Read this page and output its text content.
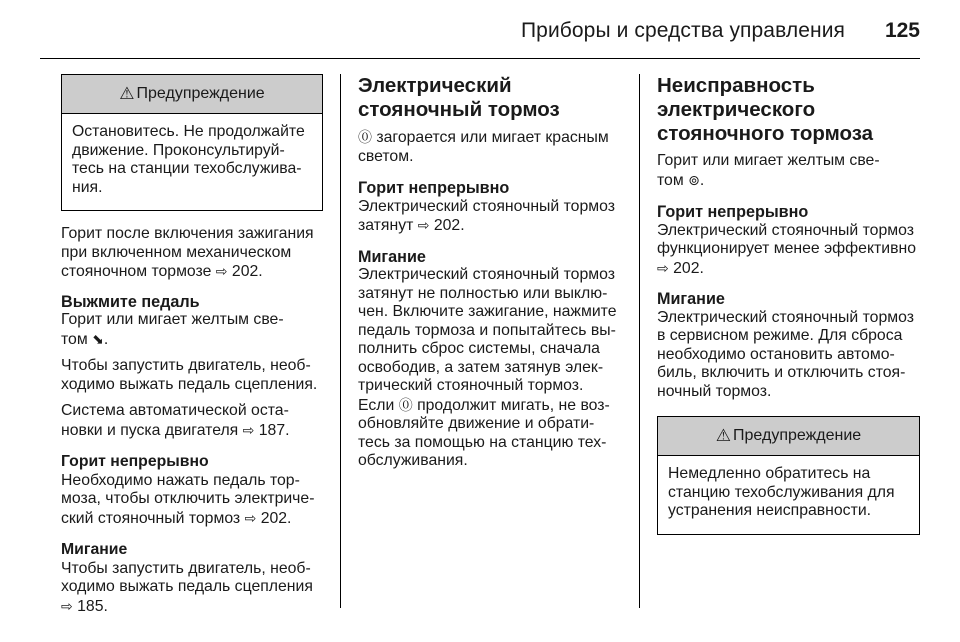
Приборы и средства управления 125
⚠ Предупреждение
Остановитесь. Не продолжайте
движение. Проконсультируй-
тесь на станции техобслужива-
ния.
Горит после включения зажигания
при включенном механическом
стояночном тормозе ⇨ 202.
Выжмите педаль
Горит или мигает желтым све-
том ⬊.
Чтобы запустить двигатель, необ-
ходимо выжать педаль сцепления.
Система автоматической оста-
новки и пуска двигателя ⇨ 187.
Горит непрерывно
Необходимо нажать педаль тор-
моза, чтобы отключить электриче-
ский стояночный тормоз ⇨ 202.
Мигание
Чтобы запустить двигатель, необ-
ходимо выжать педаль сцепления
⇨ 185.
Электрический
стояночный тормоз
⓪ загорается или мигает красным
светом.
Горит непрерывно
Электрический стояночный тормоз
затянут ⇨ 202.
Мигание
Электрический стояночный тормоз
затянут не полностью или выклю-
чен. Включите зажигание, нажмите
педаль тормоза и попытайтесь вы-
полнить сброс системы, сначала
освободив, а затем затянув элек-
трический стояночный тормоз.
Если ⓪ продолжит мигать, не воз-
обновляйте движение и обрати-
тесь за помощью на станцию тех-
обслуживания.
Неисправность
электрического
стояночного тормоза
Горит или мигает желтым све-
том ⊚.
Горит непрерывно
Электрический стояночный тормоз
функционирует менее эффективно
⇨ 202.
Мигание
Электрический стояночный тормоз
в сервисном режиме. Для сброса
необходимо остановить автомо-
биль, включить и отключить стоя-
ночный тормоз.
⚠ Предупреждение
Немедленно обратитесь на
станцию техобслуживания для
устранения неисправности.
